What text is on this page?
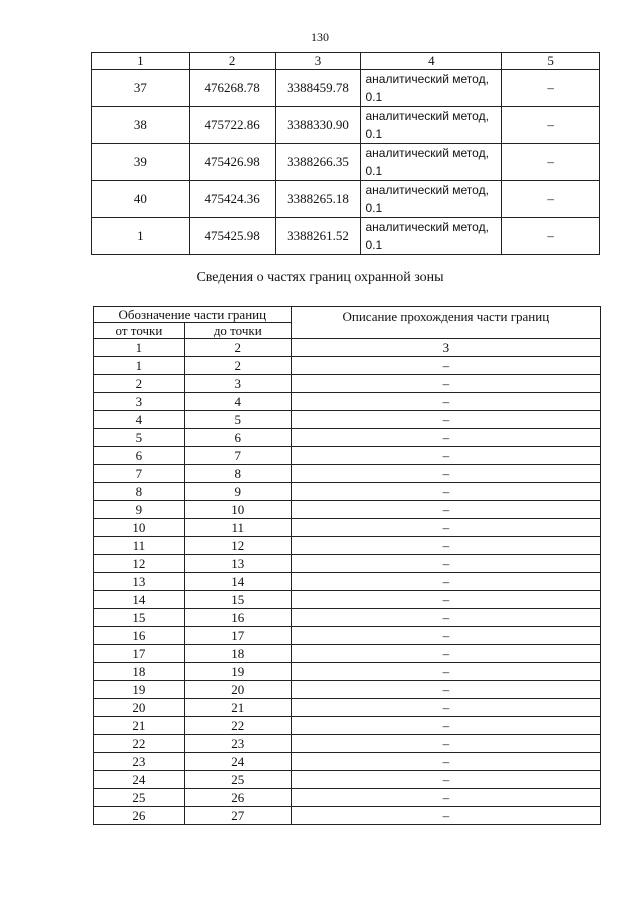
130
1	2	3	4	5
37	476268.78	3388459.78	аналитический метод, 0.1	–
38	475722.86	3388330.90	аналитический метод, 0.1	–
39	475426.98	3388266.35	аналитический метод, 0.1	–
40	475424.36	3388265.18	аналитический метод, 0.1	–
1	475425.98	3388261.52	аналитический метод, 0.1	–
Сведения о частях границ охранной зоны
Обозначение части границ		Описание прохождения части границ
от точки	до точки	
1	2	3
1	2	–
2	3	–
3	4	–
4	5	–
5	6	–
6	7	–
7	8	–
8	9	–
9	10	–
10	11	–
11	12	–
12	13	–
13	14	–
14	15	–
15	16	–
16	17	–
17	18	–
18	19	–
19	20	–
20	21	–
21	22	–
22	23	–
23	24	–
24	25	–
25	26	–
26	27	–
